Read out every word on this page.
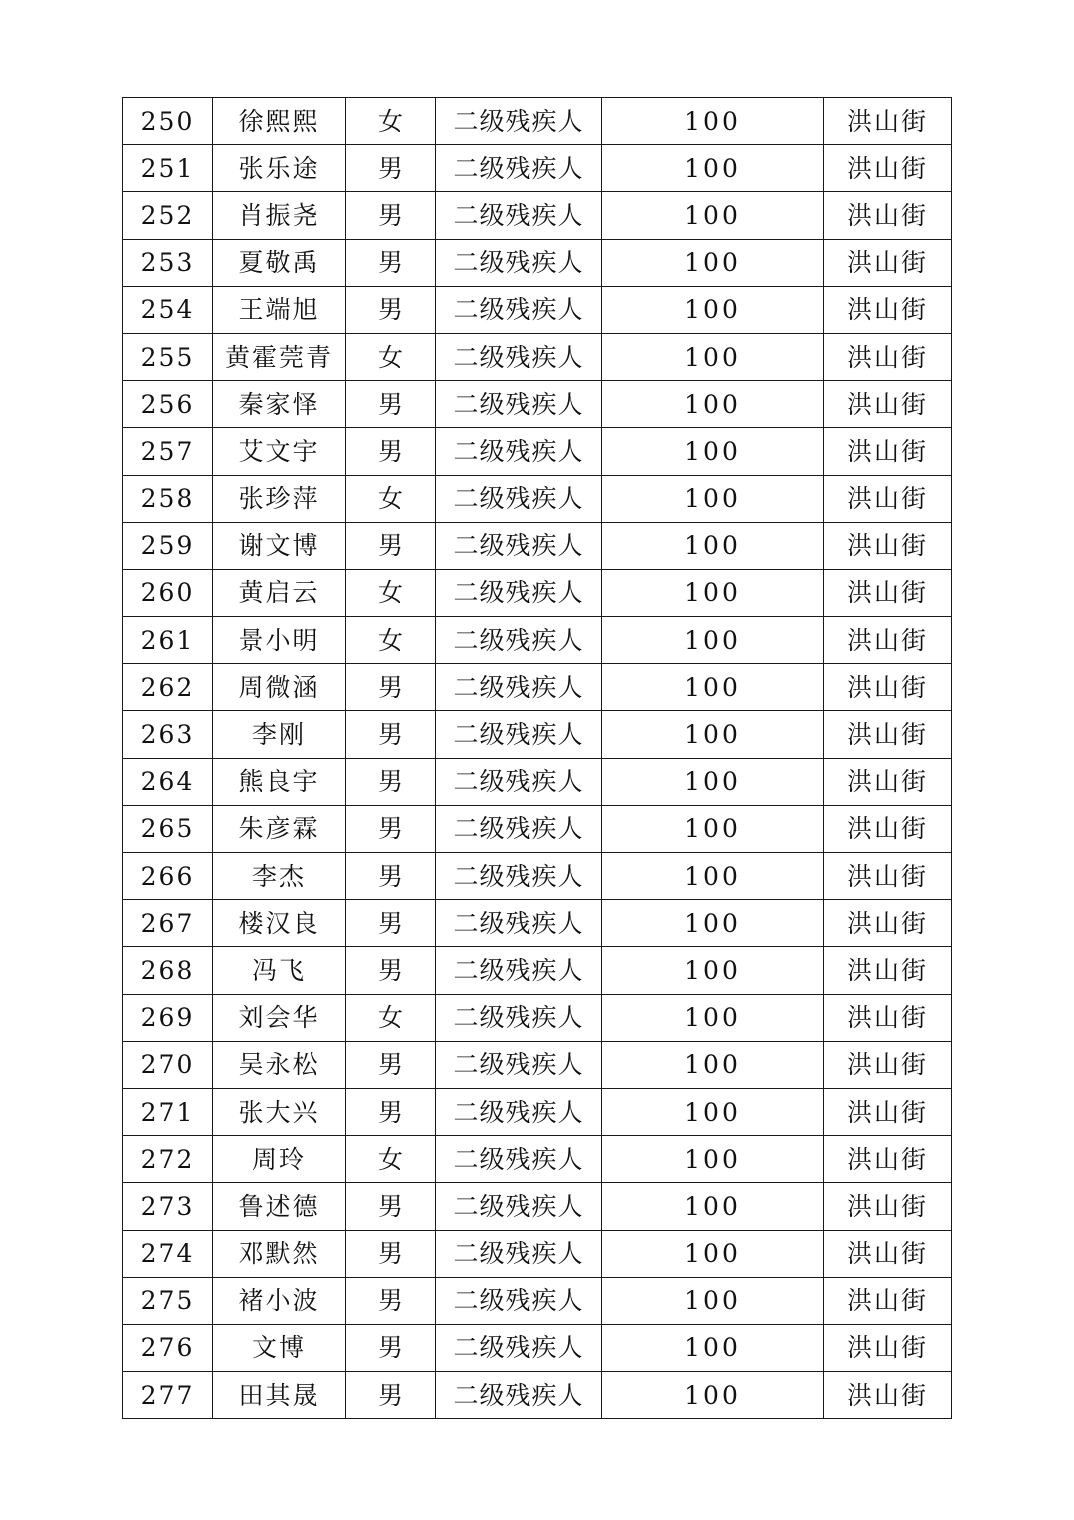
250	徐熙熙	女	二级残疾人	100	洪山街
251	张乐途	男	二级残疾人	100	洪山街
252	肖振尧	男	二级残疾人	100	洪山街
253	夏敬禹	男	二级残疾人	100	洪山街
254	王端旭	男	二级残疾人	100	洪山街
255	黄霍莞青	女	二级残疾人	100	洪山街
256	秦家怿	男	二级残疾人	100	洪山街
257	艾文宇	男	二级残疾人	100	洪山街
258	张珍萍	女	二级残疾人	100	洪山街
259	谢文博	男	二级残疾人	100	洪山街
260	黄启云	女	二级残疾人	100	洪山街
261	景小明	女	二级残疾人	100	洪山街
262	周微涵	男	二级残疾人	100	洪山街
263	李刚	男	二级残疾人	100	洪山街
264	熊良宇	男	二级残疾人	100	洪山街
265	朱彦霖	男	二级残疾人	100	洪山街
266	李杰	男	二级残疾人	100	洪山街
267	楼汉良	男	二级残疾人	100	洪山街
268	冯飞	男	二级残疾人	100	洪山街
269	刘会华	女	二级残疾人	100	洪山街
270	吴永松	男	二级残疾人	100	洪山街
271	张大兴	男	二级残疾人	100	洪山街
272	周玲	女	二级残疾人	100	洪山街
273	鲁述德	男	二级残疾人	100	洪山街
274	邓默然	男	二级残疾人	100	洪山街
275	褚小波	男	二级残疾人	100	洪山街
276	文博	男	二级残疾人	100	洪山街
277	田其晟	男	二级残疾人	100	洪山街
